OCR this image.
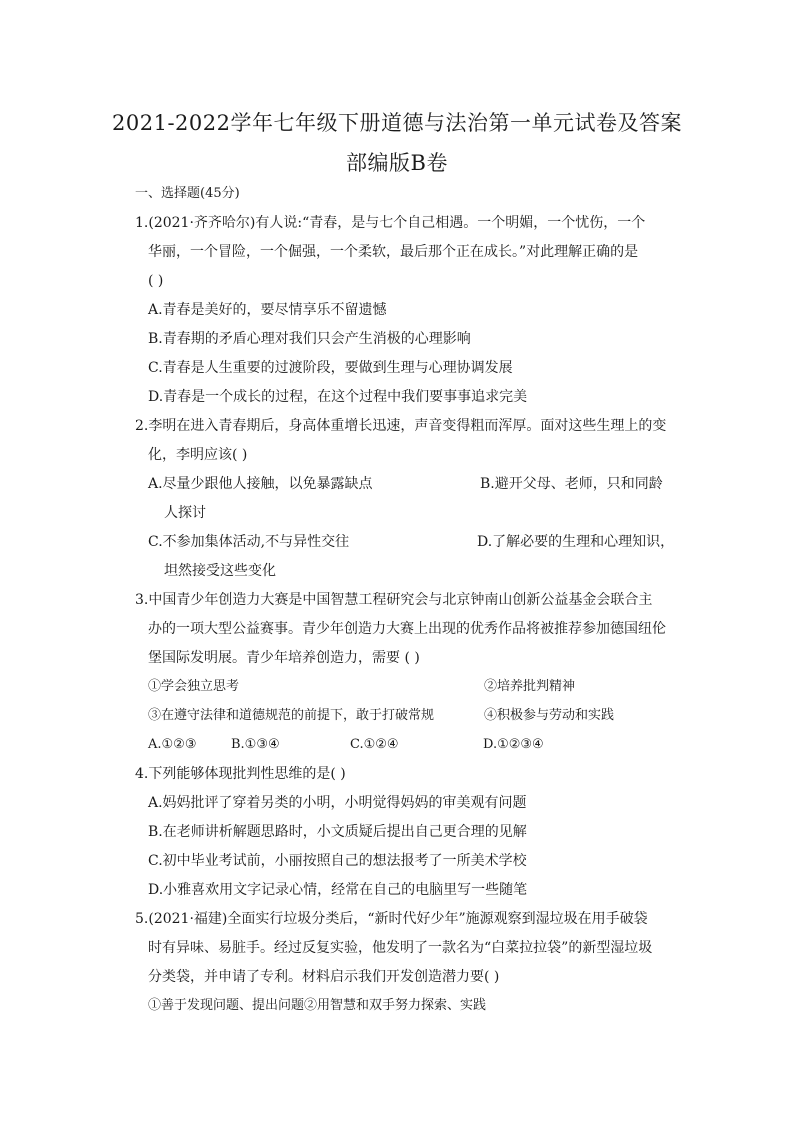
2021-2022学年七年级下册道德与法治第一单元试卷及答案
部编版B卷
一、选择题(45分)
1.(2021·齐齐哈尔)有人说:“青春，是与七个自己相遇。一个明媚，一个忧伤，一个
华丽，一个冒险，一个倔强，一个柔软，最后那个正在成长。”对此理解正确的是
( )
A.青春是美好的，要尽情享乐不留遗憾
B.青春期的矛盾心理对我们只会产生消极的心理影响
C.青春是人生重要的过渡阶段，要做到生理与心理协调发展
D.青春是一个成长的过程，在这个过程中我们要事事追求完美
2.李明在进入青春期后，身高体重增长迅速，声音变得粗而浑厚。面对这些生理上的变
化，李明应该( )
A.尽量少跟他人接触，以免暴露缺点	B.避开父母、老师，只和同龄
人探讨
C.不参加集体活动,不与异性交往	D.了解必要的生理和心理知识，
坦然接受这些变化
3.中国青少年创造力大赛是中国智慧工程研究会与北京钟南山创新公益基金会联合主
办的一项大型公益赛事。青少年创造力大赛上出现的优秀作品将被推荐参加德国纽伦
堡国际发明展。青少年培养创造力，需要 ( )
①学会独立思考	②培养批判精神
③在遵守法律和道德规范的前提下，敢于打破常规	④积极参与劳动和实践
A.①②③	B.①③④	C.①②④	D.①②③④
4.下列能够体现批判性思维的是( )
A.妈妈批评了穿着另类的小明，小明觉得妈妈的审美观有问题
B.在老师讲析解题思路时，小文质疑后提出自己更合理的见解
C.初中毕业考试前，小丽按照自己的想法报考了一所美术学校
D.小雅喜欢用文字记录心情，经常在自己的电脑里写一些随笔
5.(2021·福建)全面实行垃圾分类后，“新时代好少年”施源观察到湿垃圾在用手破袋
时有异味、易脏手。经过反复实验，他发明了一款名为“白菜拉拉袋”的新型湿垃圾
分类袋，并申请了专利。材料启示我们开发创造潜力要( )
①善于发现问题、提出问题②用智慧和双手努力探索、实践
